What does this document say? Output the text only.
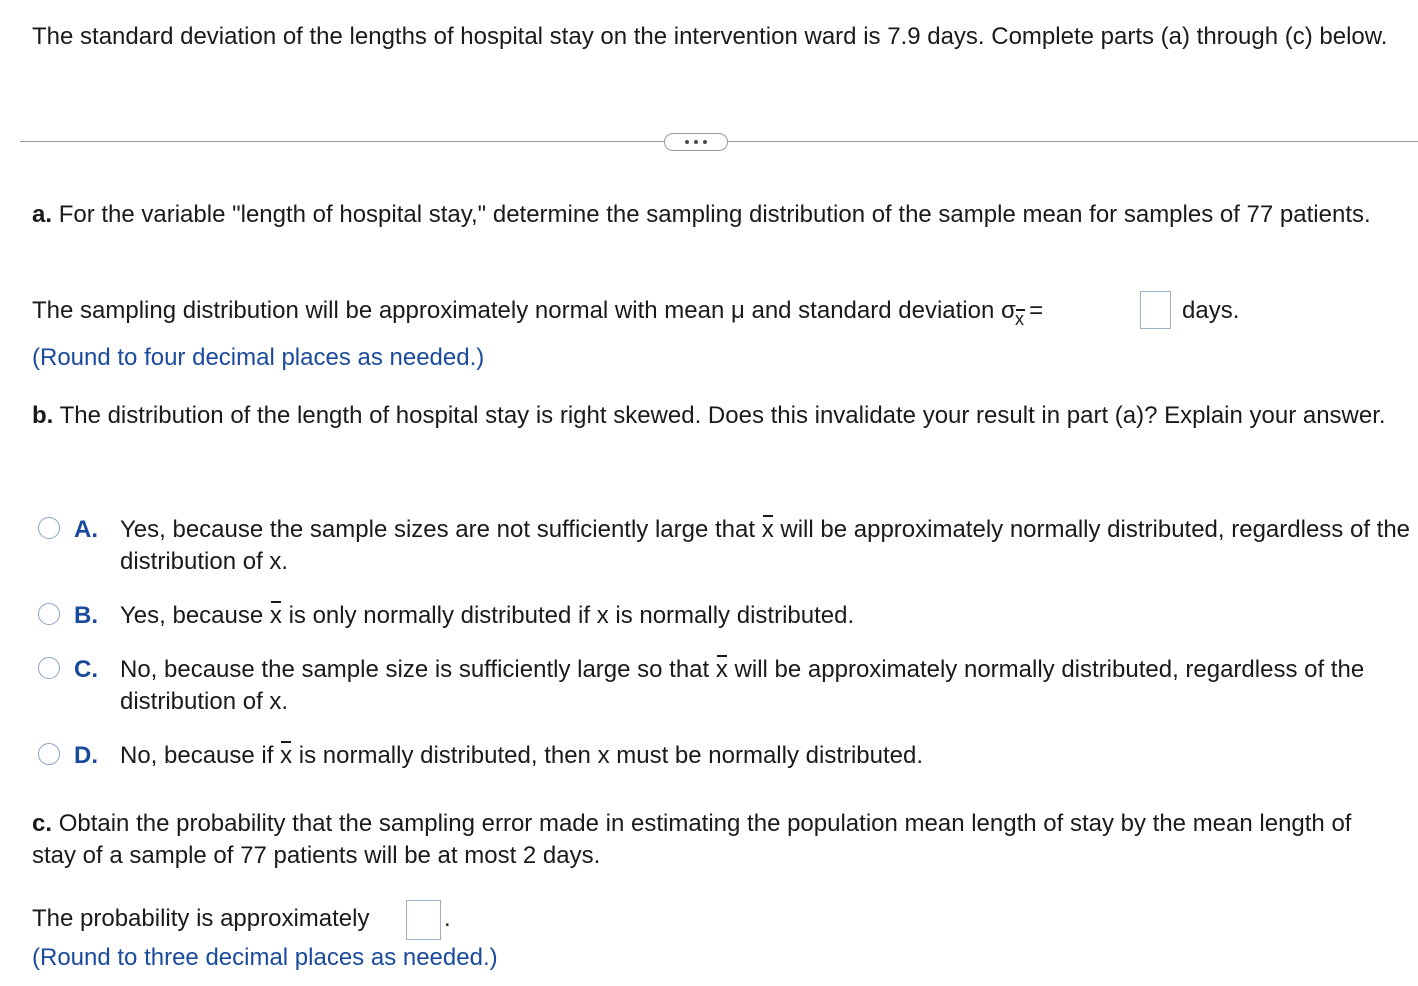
The standard deviation of the lengths of hospital stay on the intervention ward is 7.9 days. Complete parts (a) through (c) below.
a. For the variable "length of hospital stay," determine the sampling distribution of the sample mean for samples of 77 patients.
The sampling distribution will be approximately normal with mean μ and standard deviation σ x =	days.
(Round to four decimal places as needed.)
b. The distribution of the length of hospital stay is right skewed. Does this invalidate your result in part (a)? Explain your answer.
A. Yes, because the sample sizes are not sufficiently large that x will be approximately normally distributed, regardless of the distribution of x.
B. Yes, because x is only normally distributed if x is normally distributed.
C. No, because the sample size is sufficiently large so that x will be approximately normally distributed, regardless of the distribution of x.
D. No, because if x is normally distributed, then x must be normally distributed.
c. Obtain the probability that the sampling error made in estimating the population mean length of stay by the mean length of stay of a sample of 77 patients will be at most 2 days.
The probability is approximately	.
(Round to three decimal places as needed.)
